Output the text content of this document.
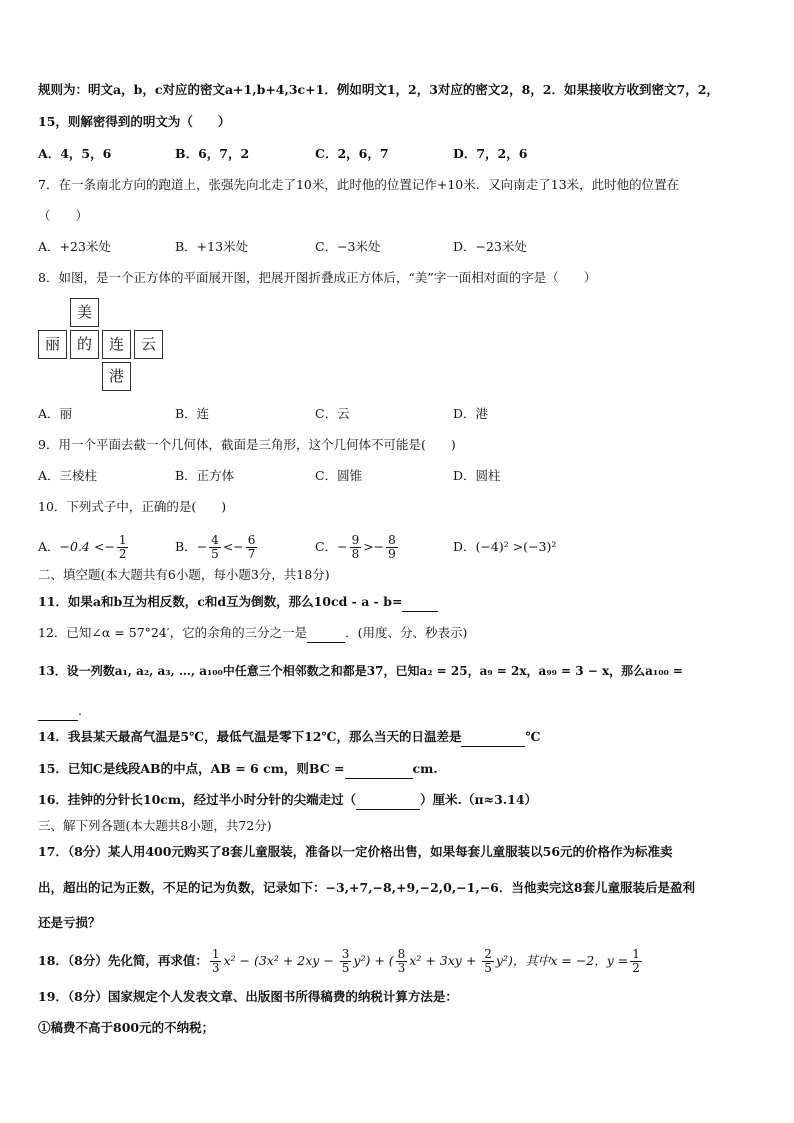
规则为：明文a，b，c对应的密文a+1,b+4,3c+1．例如明文1，2，3对应的密文2，8，2．如果接收方收到密文7，2，
15，则解密得到的明文为（　　）
A．4，5，6	B．6，7，2	C．2，6，7	D．7，2，6
7．在一条南北方向的跑道上，张强先向北走了10米，此时他的位置记作+10米．又向南走了13米，此时他的位置在
（　　）
A．+23米处	B．+13米处	C．−3米处	D．−23米处
8．如图，是一个正方体的平面展开图，把展开图折叠成正方体后，“美”字一面相对面的字是（　　）
美
丽	的	连	云
港
A．丽	B．连	C．云	D．港
9．用一个平面去截一个几何体，截面是三角形，这个几何体不可能是(　　)
A．三棱柱	B．正方体	C．圆锥	D．圆柱
10．下列式子中，正确的是(　　)
A．$-0.4 <- \frac{1}{2}$	B．− $\frac{4}{5} <- \frac{6}{7}$	C．− $\frac{9}{8} >- \frac{8}{9}$	D．(−4)² >(−3)²
二、填空题(本大题共有6小题，每小题3分，共18分)
11．如果a和b互为相反数，c和d互为倒数，那么10cd - a - b=
12．已知∠α = 57°24′，它的余角的三分之一是	．(用度、分、秒表示)
13．设一列数a₁, a₂, a₃, …, a₁₀₀中任意三个相邻数之和都是37，已知a₂ = 25，a₉ = 2x，a₉₉ = 3 − x，那么a₁₀₀ =
.
14．我县某天最高气温是5℃，最低气温是零下12℃，那么当天的日温差是	℃
15．已知C是线段AB的中点，AB = 6 cm，则BC =	cm.
16．挂钟的分针长10cm，经过半小时分针的尖端走过（	）厘米.（π≈3.14）
三、解下列各题(本大题共8小题，共72分)
17．（8分）某人用400元购买了8套儿童服装，准备以一定价格出售，如果每套儿童服装以56元的价格作为标准卖
出，超出的记为正数，不足的记为负数，记录如下：−3,+7,−8,+9,−2,0,−1,−6．当他卖完这8套儿童服装后是盈利
还是亏损？
18．（8分）先化简，再求值： $\frac{1}{3} x^2 - (3x^2 + 2xy - \frac{3}{5} y^2)$ + ( $\frac{8}{3} x^2 + 3xy + \frac{2}{5} y^2$)，其中x = −2，$y = \frac{1}{2}$
19．（8分）国家规定个人发表文章、出版图书所得稿费的纳税计算方法是：
①稿费不高于800元的不纳税；
